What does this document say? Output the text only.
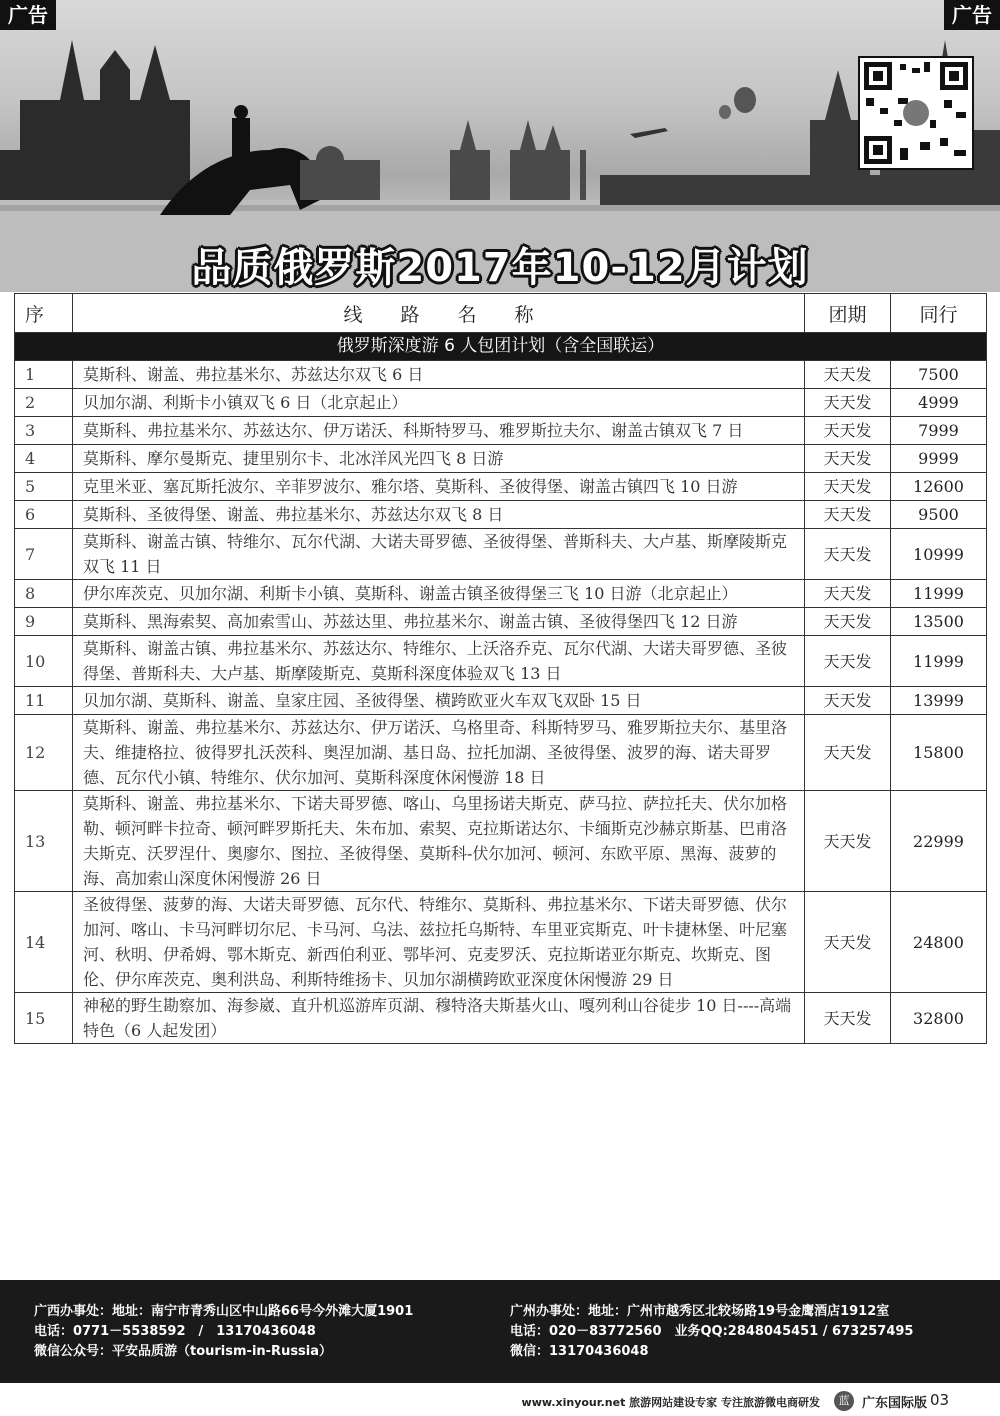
广告	广告
品质俄罗斯2017年10-12月计划
序	线　　路　　名　　称	团期	同行
俄罗斯深度游 6 人包团计划（含全国联运）			
1	莫斯科、谢盖、弗拉基米尔、苏兹达尔双飞 6 日	天天发	7500
2	贝加尔湖、利斯卡小镇双飞 6 日（北京起止）	天天发	4999
3	莫斯科、弗拉基米尔、苏兹达尔、伊万诺沃、科斯特罗马、雅罗斯拉夫尔、谢盖古镇双飞 7 日	天天发	7999
4	莫斯科、摩尔曼斯克、捷里别尔卡、北冰洋风光四飞 8 日游	天天发	9999
5	克里米亚、塞瓦斯托波尔、辛菲罗波尔、雅尔塔、莫斯科、圣彼得堡、谢盖古镇四飞 10 日游	天天发	12600
6	莫斯科、圣彼得堡、谢盖、弗拉基米尔、苏兹达尔双飞 8 日	天天发	9500
7	莫斯科、谢盖古镇、特维尔、瓦尔代湖、大诺夫哥罗德、圣彼得堡、普斯科夫、大卢基、斯摩陵斯克双飞 11 日	天天发	10999
8	伊尔库茨克、贝加尔湖、利斯卡小镇、莫斯科、谢盖古镇圣彼得堡三飞 10 日游（北京起止）	天天发	11999
9	莫斯科、黑海索契、高加索雪山、苏兹达里、弗拉基米尔、谢盖古镇、圣彼得堡四飞 12 日游	天天发	13500
10	莫斯科、谢盖古镇、弗拉基米尔、苏兹达尔、特维尔、上沃洛乔克、瓦尔代湖、大诺夫哥罗德、圣彼得堡、普斯科夫、大卢基、斯摩陵斯克、莫斯科深度体验双飞 13 日	天天发	11999
11	贝加尔湖、莫斯科、谢盖、皇家庄园、圣彼得堡、横跨欧亚火车双飞双卧 15 日	天天发	13999
12	莫斯科、谢盖、弗拉基米尔、苏兹达尔、伊万诺沃、乌格里奇、科斯特罗马、雅罗斯拉夫尔、基里洛夫、维捷格拉、彼得罗扎沃茨科、奥涅加湖、基日岛、拉托加湖、圣彼得堡、波罗的海、诺夫哥罗德、瓦尔代小镇、特维尔、伏尔加河、莫斯科深度休闲慢游 18 日	天天发	15800
13	莫斯科、谢盖、弗拉基米尔、下诺夫哥罗德、喀山、乌里扬诺夫斯克、萨马拉、萨拉托夫、伏尔加格勒、顿河畔卡拉奇、顿河畔罗斯托夫、朱布加、索契、克拉斯诺达尔、卡缅斯克沙赫京斯基、巴甫洛夫斯克、沃罗涅什、奥廖尔、图拉、圣彼得堡、莫斯科-伏尔加河、顿河、东欧平原、黑海、菠萝的海、高加索山深度休闲慢游 26 日	天天发	22999
14	圣彼得堡、菠萝的海、大诺夫哥罗德、瓦尔代、特维尔、莫斯科、弗拉基米尔、下诺夫哥罗德、伏尔加河、喀山、卡马河畔切尔尼、卡马河、乌法、兹拉托乌斯特、车里亚宾斯克、叶卡捷林堡、叶尼塞河、秋明、伊希姆、鄂木斯克、新西伯利亚、鄂毕河、克麦罗沃、克拉斯诺亚尔斯克、坎斯克、图伦、伊尔库茨克、奥利洪岛、利斯特维扬卡、贝加尔湖横跨欧亚深度休闲慢游 29 日	天天发	24800
15	神秘的野生勘察加、海参崴、直升机巡游库页湖、穆特洛夫斯基火山、嘎列利山谷徒步 10 日----高端特色（6 人起发团）	天天发	32800
广西办事处：地址：南宁市青秀山区中山路66号今外滩大厦1901
电话：0771－5538592　/　13170436048
微信公众号：平安品质游（tourism-in-Russia）
广州办事处：地址：广州市越秀区北较场路19号金鹰酒店1912室
电话：020－83772560　业务QQ:2848045451 / 673257495
微信：13170436048
www.xinyour.net 旅游网站建设专家 专注旅游微电商研发	蓝 广东国际版 03
